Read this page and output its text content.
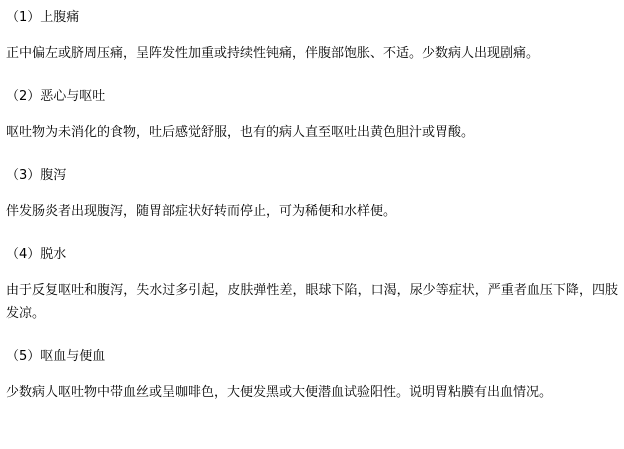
（1）上腹痛
正中偏左或脐周压痛，呈阵发性加重或持续性钝痛，伴腹部饱胀、不适。少数病人出现剧痛。
（2）恶心与呕吐
呕吐物为未消化的食物，吐后感觉舒服，也有的病人直至呕吐出黄色胆汁或胃酸。
（3）腹泻
伴发肠炎者出现腹泻，随胃部症状好转而停止，可为稀便和水样便。
（4）脱水
由于反复呕吐和腹泻，失水过多引起，皮肤弹性差，眼球下陷，口渴，尿少等症状，严重者血压下降，四肢发凉。
（5）呕血与便血
少数病人呕吐物中带血丝或呈咖啡色，大便发黑或大便潜血试验阳性。说明胃粘膜有出血情况。
